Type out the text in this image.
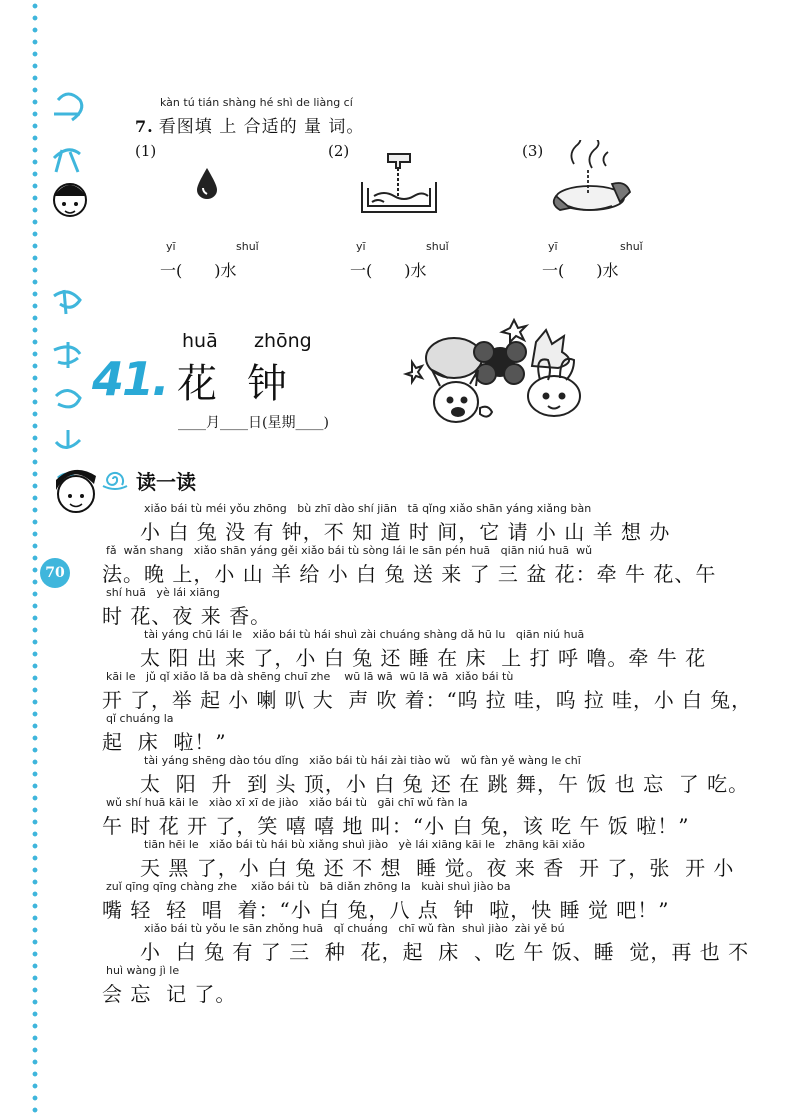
70
kàn tú tián shàng hé shì de liàng cí
7. 看图填 上 合适的 量 词。
(1)	(2)	(3)
yī	shuǐ
一(　　)水
yī	shuǐ
一(　　)水
yī	shuǐ
一(　　)水
41.
huā      zhōng
花钟
____月____日(星期____)
读一读
xiǎo bái tù méi yǒu zhōng   bù zhī dào shí jiān   tā qǐng xiǎo shān yáng xiǎng bàn
小 白 兔 没 有 钟，不 知 道 时 间，它 请 小 山 羊 想 办
fǎ  wǎn shang   xiǎo shān yáng gěi xiǎo bái tù sòng lái le sān pén huā   qiān niú huā  wǔ
法。晚 上，小 山 羊 给 小 白 兔 送 来 了 三 盆 花：牵 牛 花、午
shí huā   yè lái xiāng
时 花、夜 来 香。
tài yáng chū lái le   xiǎo bái tù hái shuì zài chuáng shàng dǎ hū lu   qiān niú huā
太 阳 出 来 了，小 白 兔 还 睡 在 床  上 打 呼 噜。牵 牛 花
kāi le   jǔ qǐ xiǎo lǎ ba dà shēng chuī zhe    wū lā wā  wū lā wā  xiǎo bái tù
开 了，举 起 小 喇 叭 大  声 吹 着：“呜 拉 哇，呜 拉 哇，小 白 兔，
qǐ chuáng la
起  床  啦！”
tài yáng shēng dào tóu dǐng   xiǎo bái tù hái zài tiào wǔ   wǔ fàn yě wàng le chī
太  阳  升  到 头 顶，小 白 兔 还 在 跳 舞，午 饭 也 忘  了 吃。
wǔ shí huā kāi le   xiào xī xī de jiào   xiǎo bái tù   gāi chī wǔ fàn la
午 时 花 开 了，笑 嘻 嘻 地 叫：“小 白 兔，该 吃 午 饭 啦！”
tiān hēi le   xiǎo bái tù hái bù xiǎng shuì jiào   yè lái xiāng kāi le   zhāng kāi xiǎo
天 黑 了，小 白 兔 还 不 想  睡 觉。夜 来 香  开 了，张  开 小
zuǐ qīng qīng chàng zhe    xiǎo bái tù   bā diǎn zhōng la   kuài shuì jiào ba
嘴 轻  轻  唱  着：“小 白 兔，八 点  钟  啦，快 睡 觉 吧！”
xiǎo bái tù yǒu le sān zhǒng huā   qǐ chuáng   chī wǔ fàn  shuì jiào  zài yě bú
小  白 兔 有 了 三  种  花，起  床  、吃 午 饭、睡  觉，再 也 不
huì wàng jì le
会 忘  记 了。
